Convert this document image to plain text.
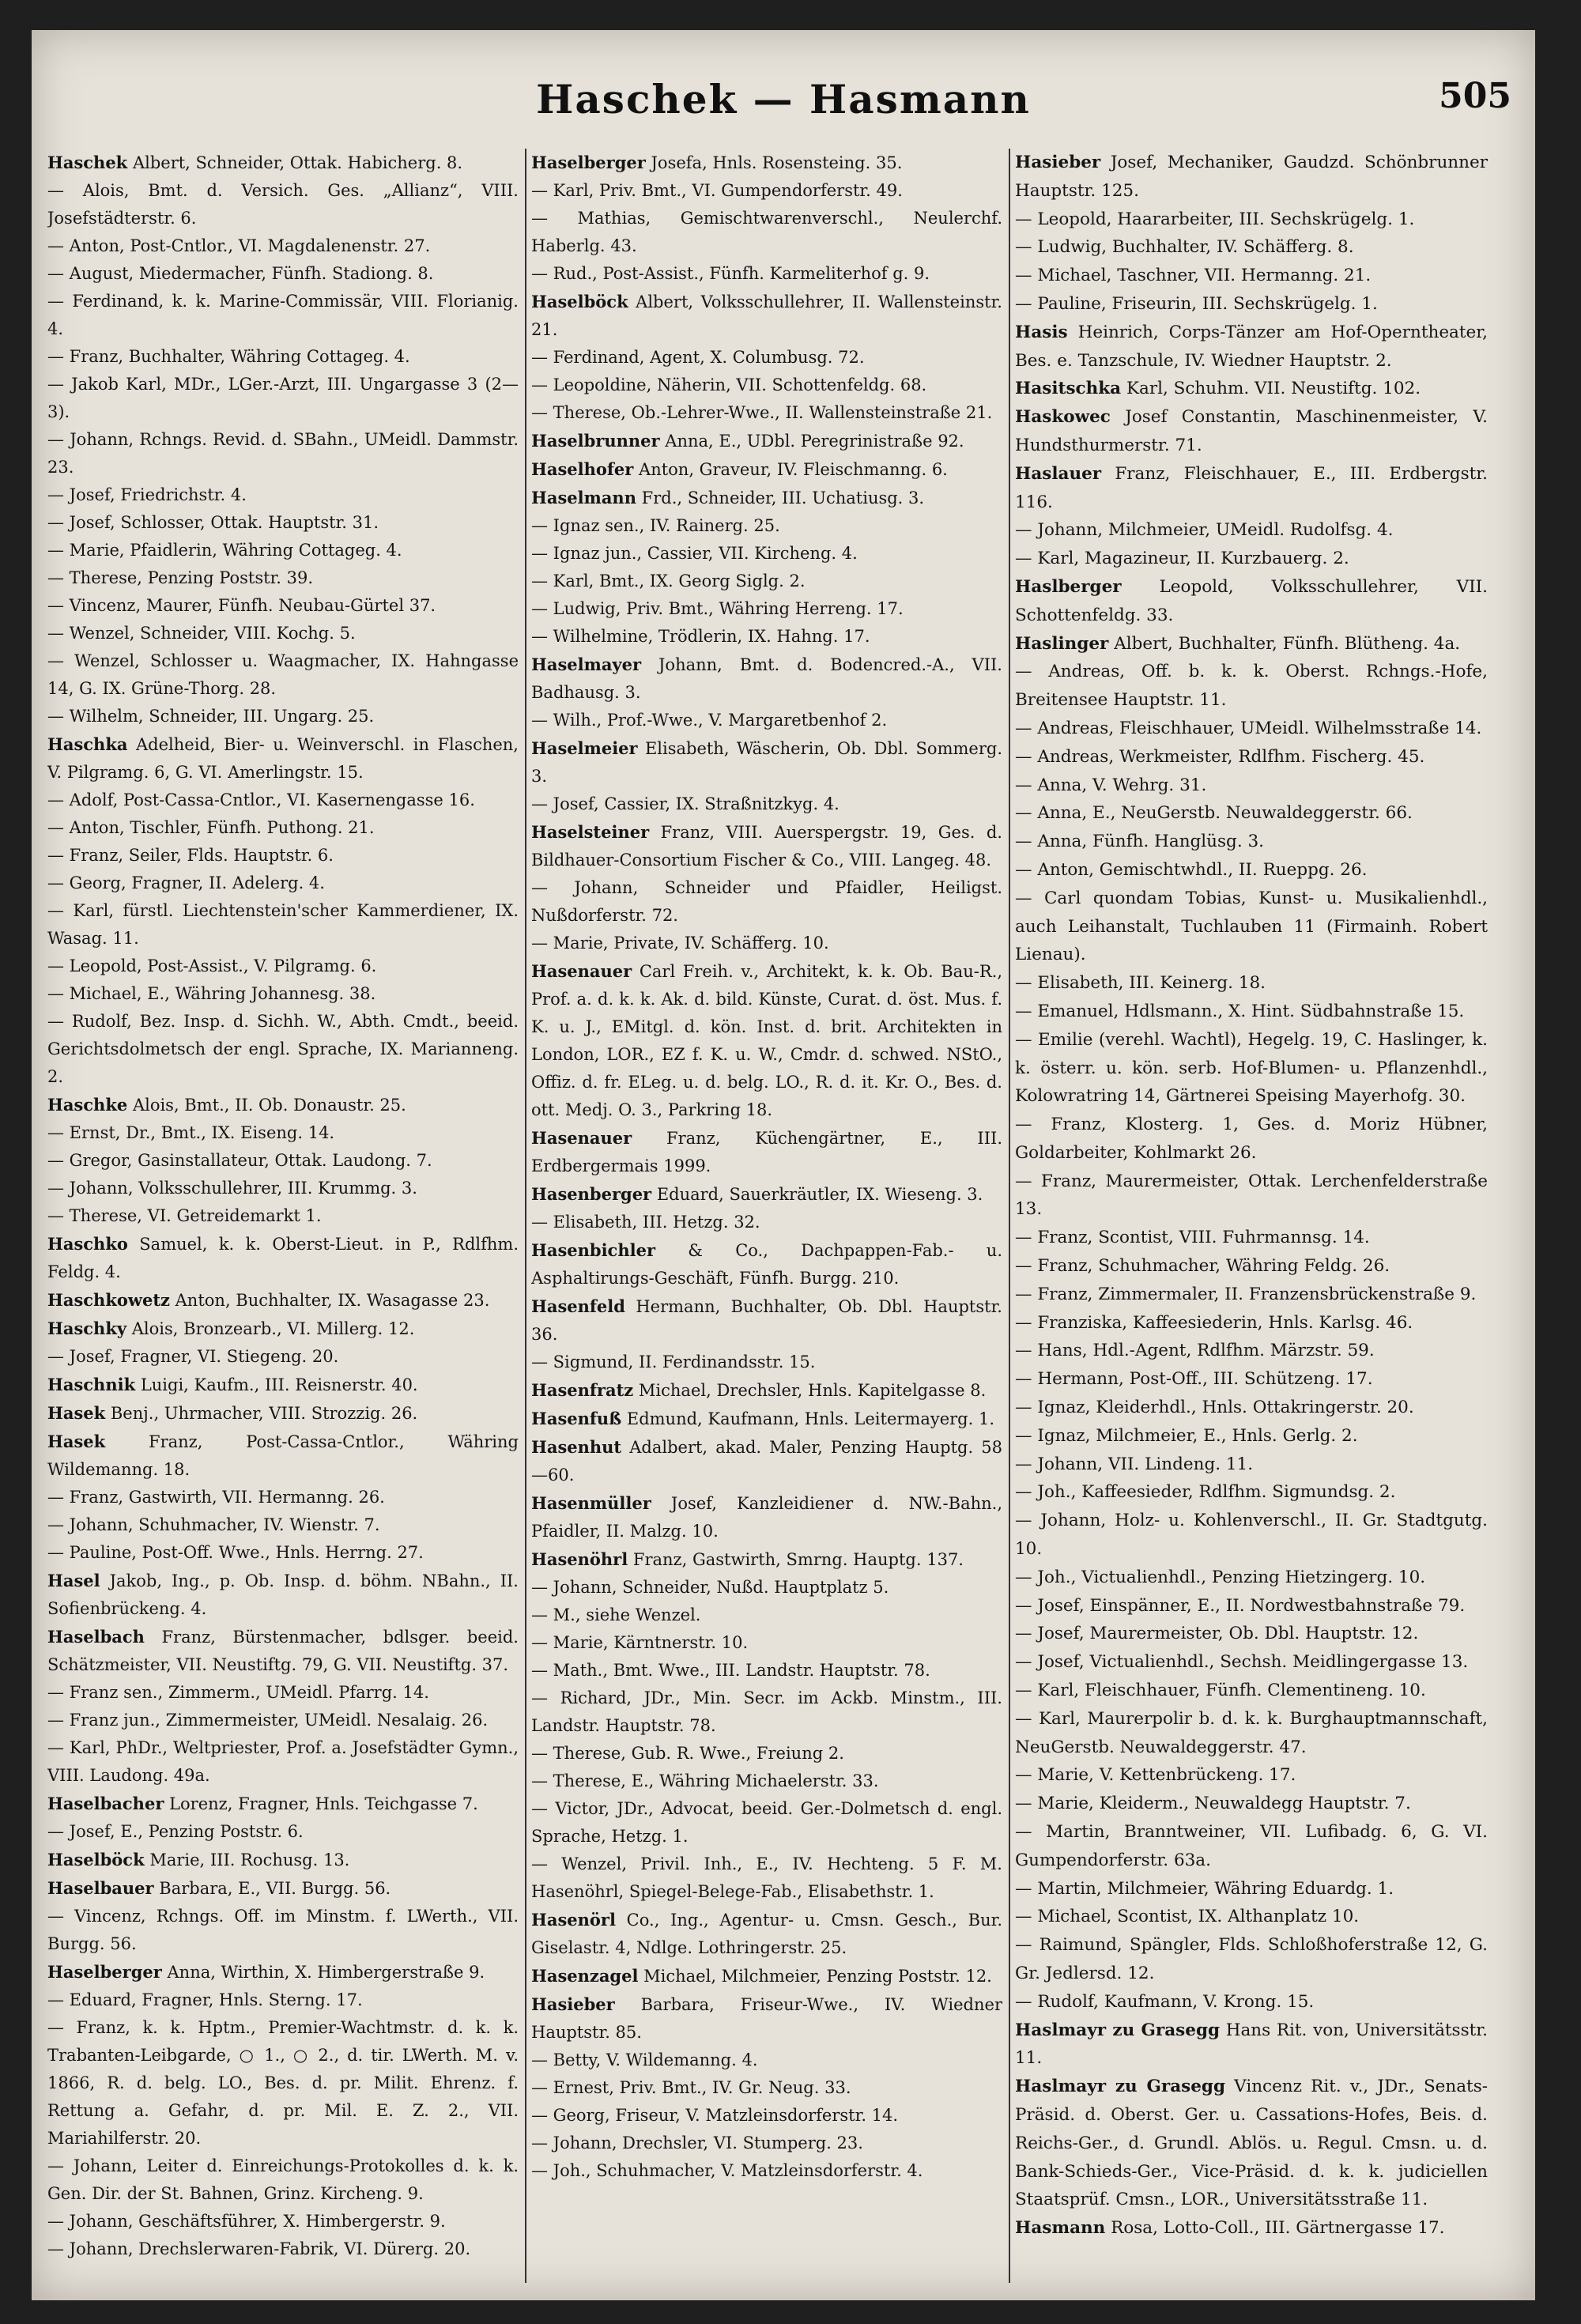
Haschek — Hasmann	505

Haschek Albert, Schneider, Ottak. Habicherg. 8.

— Alois, Bmt. d. Versich. Ges. „Allianz“, VIII. Josefstädterstr. 6.

— Anton, Post-Cntlor., VI. Magdalenenstr. 27.

— August, Miedermacher, Fünfh. Stadiong. 8.

— Ferdinand, k. k. Marine-Commissär, VIII. Florianig. 4.

— Franz, Buchhalter, Währing Cottageg. 4.

— Jakob Karl, MDr., LGer.-Arzt, III. Ungargasse 3 (2—3).

— Johann, Rchngs. Revid. d. SBahn., UMeidl. Dammstr. 23.

— Josef, Friedrichstr. 4.

— Josef, Schlosser, Ottak. Hauptstr. 31.

— Marie, Pfaidlerin, Währing Cottageg. 4.

— Therese, Penzing Poststr. 39.

— Vincenz, Maurer, Fünfh. Neubau-Gürtel 37.

— Wenzel, Schneider, VIII. Kochg. 5.

— Wenzel, Schlosser u. Waagmacher, IX. Hahngasse 14, G. IX. Grüne-Thorg. 28.

— Wilhelm, Schneider, III. Ungarg. 25.

Haschka Adelheid, Bier- u. Weinverschl. in Flaschen, V. Pilgramg. 6, G. VI. Amerlingstr. 15.

— Adolf, Post-Cassa-Cntlor., VI. Kasernengasse 16.

— Anton, Tischler, Fünfh. Puthong. 21.

— Franz, Seiler, Flds. Hauptstr. 6.

— Georg, Fragner, II. Adelerg. 4.

— Karl, fürstl. Liechtenstein'scher Kammerdiener, IX. Wasag. 11.

— Leopold, Post-Assist., V. Pilgramg. 6.

— Michael, E., Währing Johannesg. 38.

— Rudolf, Bez. Insp. d. Sichh. W., Abth. Cmdt., beeid. Gerichtsdolmetsch der engl. Sprache, IX. Marianneng. 2.

Haschke Alois, Bmt., II. Ob. Donaustr. 25.

— Ernst, Dr., Bmt., IX. Eiseng. 14.

— Gregor, Gasinstallateur, Ottak. Laudong. 7.

— Johann, Volksschullehrer, III. Krummg. 3.

— Therese, VI. Getreidemarkt 1.

Haschko Samuel, k. k. Oberst-Lieut. in P., Rdlfhm. Feldg. 4.

Haschkowetz Anton, Buchhalter, IX. Wasagasse 23.

Haschky Alois, Bronzearb., VI. Millerg. 12.

— Josef, Fragner, VI. Stiegeng. 20.

Haschnik Luigi, Kaufm., III. Reisnerstr. 40.

Hasek Benj., Uhrmacher, VIII. Strozzig. 26.

Hasek	Franz, Post-Cassa-Cntlor., Währing Wildemanng. 18.

— Franz, Gastwirth, VII. Hermanng. 26.

— Johann, Schuhmacher, IV. Wienstr. 7.

— Pauline, Post-Off. Wwe., Hnls. Herrng. 27.

Hasel Jakob, Ing., p. Ob. Insp. d. böhm. NBahn., II. Sofienbrückeng. 4.

Haselbach Franz, Bürstenmacher, bdlsger. beeid. Schätzmeister, VII. Neustiftg. 79, G. VII. Neustiftg. 37.

— Franz sen., Zimmerm., UMeidl. Pfarrg. 14.

— Franz jun., Zimmermeister, UMeidl. Nesalaig. 26.

— Karl, PhDr., Weltpriester, Prof. a. Josefstädter Gymn., VIII. Laudong. 49a.

Haselbacher Lorenz, Fragner, Hnls. Teichgasse 7.

— Josef, E., Penzing Poststr. 6.

Haselböck Marie, III. Rochusg. 13.

Haselbauer Barbara, E., VII. Burgg. 56.

— Vincenz, Rchngs. Off. im Minstm. f. LWerth., VII. Burgg. 56.

Haselberger Anna, Wirthin, X. Himbergerstraße 9.

— Eduard, Fragner, Hnls. Sterng. 17.

— Franz, k. k. Hptm., Premier-Wachtmstr. d. k. k. Trabanten-Leibgarde, ○ 1., ○ 2., d. tir. LWerth. M. v. 1866, R. d. belg. LO., Bes. d. pr. Milit. Ehrenz. f. Rettung a. Gefahr, d. pr. Mil. E. Z. 2., VII. Mariahilferstr. 20.

— Johann, Leiter d. Einreichungs-Protokolles d. k. k. Gen. Dir. der St. Bahnen, Grinz. Kircheng. 9.

— Johann, Geschäftsführer, X. Himbergerstr. 9.

— Johann, Drechslerwaren-Fabrik, VI. Dürerg. 20.

Haselberger Josefa, Hnls. Rosensteing. 35.

— Karl, Priv. Bmt., VI. Gumpendorferstr. 49.

— Mathias, Gemischtwarenverschl., Neulerchf. Haberlg. 43.

— Rud., Post-Assist., Fünfh. Karmeliterhof g. 9.

Haselböck Albert, Volksschullehrer, II. Wallensteinstr. 21.

— Ferdinand, Agent, X. Columbusg. 72.

— Leopoldine, Näherin, VII. Schottenfeldg. 68.

— Therese, Ob.-Lehrer-Wwe., II. Wallensteinstraße 21.

Haselbrunner Anna, E., UDbl. Peregrinistraße 92.

Haselhofer Anton, Graveur, IV. Fleischmanng. 6.

Haselmann Frd., Schneider, III. Uchatiusg. 3.

— Ignaz sen., IV. Rainerg. 25.

— Ignaz jun., Cassier, VII. Kircheng. 4.

— Karl, Bmt., IX. Georg Siglg. 2.

— Ludwig, Priv. Bmt., Währing Herreng. 17.

— Wilhelmine, Trödlerin, IX. Hahng. 17.

Haselmayer Johann, Bmt. d. Bodencred.-A., VII. Badhausg. 3.

— Wilh., Prof.-Wwe., V. Margaretbenhof 2.

Haselmeier Elisabeth, Wäscherin, Ob. Dbl. Sommerg. 3.

— Josef, Cassier, IX. Straßnitzkyg. 4.

Haselsteiner Franz, VIII. Auerspergstr. 19, Ges. d. Bildhauer-Consortium Fischer & Co., VIII. Langeg. 48.

— Johann, Schneider und Pfaidler, Heiligst. Nußdorferstr. 72.

— Marie, Private, IV. Schäfferg. 10.

Hasenauer Carl Freih. v., Architekt, k. k. Ob. Bau-R., Prof. a. d. k. k. Ak. d. bild. Künste, Curat. d. öst. Mus. f. K. u. J., EMitgl. d. kön. Inst. d. brit. Architekten in London, LOR., EZ f. K. u. W., Cmdr. d. schwed. NStO., Offiz. d. fr. ELeg. u. d. belg. LO., R. d. it. Kr. O., Bes. d. ott. Medj. O. 3., Parkring 18.

Hasenauer Franz, Küchengärtner, E., III. Erdbergermais 1999.

Hasenberger Eduard, Sauerkräutler, IX. Wieseng. 3.

— Elisabeth, III. Hetzg. 32.

Hasenbichler & Co., Dachpappen-Fab.- u. Asphaltirungs-Geschäft, Fünfh. Burgg. 210.

Hasenfeld Hermann, Buchhalter, Ob. Dbl. Hauptstr. 36.

— Sigmund, II. Ferdinandsstr. 15.

Hasenfratz Michael, Drechsler, Hnls. Kapitelgasse 8.

Hasenfuß Edmund, Kaufmann, Hnls. Leitermayerg. 1.

Hasenhut Adalbert, akad. Maler, Penzing Hauptg. 58—60.

Hasenmüller Josef, Kanzleidiener d. NW.-Bahn., Pfaidler, II. Malzg. 10.

Hasenöhrl Franz, Gastwirth, Smrng. Hauptg. 137.

— Johann, Schneider, Nußd. Hauptplatz 5.

— M., siehe Wenzel.

— Marie, Kärntnerstr. 10.

— Math., Bmt. Wwe., III. Landstr. Hauptstr. 78.

— Richard, JDr., Min. Secr. im Ackb. Minstm., III. Landstr. Hauptstr. 78.

— Therese, Gub. R. Wwe., Freiung 2.

— Therese, E., Währing Michaelerstr. 33.

— Victor, JDr., Advocat, beeid. Ger.-Dolmetsch d. engl. Sprache, Hetzg. 1.

— Wenzel, Privil. Inh., E., IV. Hechteng. 5 F. M. Hasenöhrl, Spiegel-Belege-Fab., Elisabethstr. 1.

Hasenörl Co., Ing., Agentur- u. Cmsn. Gesch., Bur. Giselastr. 4, Ndlge. Lothringerstr. 25.

Hasenzagel Michael, Milchmeier, Penzing Poststr. 12.

Hasieber Barbara, Friseur-Wwe., IV. Wiedner Hauptstr. 85.

— Betty, V. Wildemanng. 4.

— Ernest, Priv. Bmt., IV. Gr. Neug. 33.

— Georg, Friseur, V. Matzleinsdorferstr. 14.

— Johann, Drechsler, VI. Stumperg. 23.

— Joh., Schuhmacher, V. Matzleinsdorferstr. 4.

Hasieber Josef, Mechaniker, Gaudzd. Schönbrunner Hauptstr. 125.

— Leopold, Haararbeiter, III. Sechskrügelg. 1.

— Ludwig, Buchhalter, IV. Schäfferg. 8.

— Michael, Taschner, VII. Hermanng. 21.

— Pauline, Friseurin, III. Sechskrügelg. 1.

Hasis Heinrich, Corps-Tänzer am Hof-Operntheater, Bes. e. Tanzschule, IV. Wiedner Hauptstr. 2.

Hasitschka Karl, Schuhm. VII. Neustiftg. 102.

Haskowec Josef Constantin, Maschinenmeister, V. Hundsthurmerstr. 71.

Haslauer Franz, Fleischhauer, E., III. Erdbergstr. 116.

— Johann, Milchmeier, UMeidl. Rudolfsg. 4.

— Karl, Magazineur, II. Kurzbauerg. 2.

Haslberger Leopold, Volksschullehrer, VII. Schottenfeldg. 33.

Haslinger Albert, Buchhalter, Fünfh. Blütheng. 4a.

— Andreas, Off. b. k. k. Oberst. Rchngs.-Hofe, Breitensee Hauptstr. 11.

— Andreas, Fleischhauer, UMeidl. Wilhelmsstraße 14.

— Andreas, Werkmeister, Rdlfhm. Fischerg. 45.

— Anna, V. Wehrg. 31.

— Anna, E., NeuGerstb. Neuwaldeggerstr. 66.

— Anna, Fünfh. Hanglüsg. 3.

— Anton, Gemischtwhdl., II. Rueppg. 26.

— Carl quondam Tobias, Kunst- u. Musikalienhdl., auch Leihanstalt, Tuchlauben 11 (Firmainh. Robert Lienau).

— Elisabeth, III. Keinerg. 18.

— Emanuel, Hdlsmann., X. Hint. Südbahnstraße 15.

— Emilie (verehl. Wachtl), Hegelg. 19, C. Haslinger, k. k. österr. u. kön. serb. Hof-Blumen- u. Pflanzenhdl., Kolowratring 14, Gärtnerei Speising Mayerhofg. 30.

— Franz, Klosterg. 1, Ges. d. Moriz Hübner, Goldarbeiter, Kohlmarkt 26.

— Franz, Maurermeister, Ottak. Lerchenfelderstraße 13.

— Franz, Scontist, VIII. Fuhrmannsg. 14.

— Franz, Schuhmacher, Währing Feldg. 26.

— Franz, Zimmermaler, II. Franzensbrückenstraße 9.

— Franziska, Kaffeesiederin, Hnls. Karlsg. 46.

— Hans, Hdl.-Agent, Rdlfhm. Märzstr. 59.

— Hermann, Post-Off., III. Schützeng. 17.

— Ignaz, Kleiderhdl., Hnls. Ottakringerstr. 20.

— Ignaz, Milchmeier, E., Hnls. Gerlg. 2.

— Johann, VII. Lindeng. 11.

— Joh., Kaffeesieder, Rdlfhm. Sigmundsg. 2.

— Johann, Holz- u. Kohlenverschl., II. Gr. Stadtgutg. 10.

— Joh., Victualienhdl., Penzing Hietzingerg. 10.

— Josef, Einspänner, E., II. Nordwestbahnstraße 79.

— Josef, Maurermeister, Ob. Dbl. Hauptstr. 12.

— Josef, Victualienhdl., Sechsh. Meidlingergasse 13.

— Karl, Fleischhauer, Fünfh. Clementineng. 10.

— Karl, Maurerpolir b. d. k. k. Burghauptmannschaft, NeuGerstb. Neuwaldeggerstr. 47.

— Marie, V. Kettenbrückeng. 17.

— Marie, Kleiderm., Neuwaldegg Hauptstr. 7.

— Martin, Branntweiner, VII. Lufibadg. 6, G. VI. Gumpendorferstr. 63a.

— Martin, Milchmeier, Währing Eduardg. 1.

— Michael, Scontist, IX. Althanplatz 10.

— Raimund, Spängler, Flds. Schloßhoferstraße 12, G. Gr. Jedlersd. 12.

— Rudolf, Kaufmann, V. Krong. 15.

Haslmayr zu Grasegg Hans Rit. von, Universitätsstr. 11.

Haslmayr zu Grasegg Vincenz Rit. v., JDr., Senats-Präsid. d. Oberst. Ger. u. Cassations-Hofes, Beis. d. Reichs-Ger., d. Grundl. Ablös. u. Regul. Cmsn. u. d. Bank-Schieds-Ger., Vice-Präsid. d. k. k. judiciellen Staatsprüf. Cmsn., LOR., Universitätsstraße 11.

Hasmann Rosa, Lotto-Coll., III. Gärtnergasse 17.
